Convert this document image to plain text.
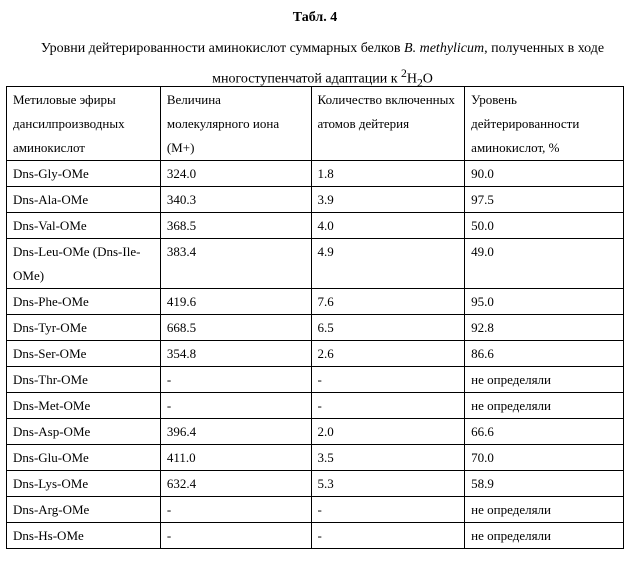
Табл. 4
Уровни дейтерированности аминокислот суммарных белков B. methylicum, полученных в ходе многоступенчатой адаптации к $^2H_2O$
Метиловые эфиры дансилпроизводных аминокислот	Величина молекулярного иона (М+)	Количество включенных атомов дейтерия	Уровень дейтерированности аминокислот, %
Dns-Gly-OMe	324.0	1.8	90.0
Dns-Ala-OMe	340.3	3.9	97.5
Dns-Val-OMe	368.5	4.0	50.0
Dns-Leu-OMe (Dns-Ile-OMe)	383.4	4.9	49.0
Dns-Phe-OMe	419.6	7.6	95.0
Dns-Tyr-OMe	668.5	6.5	92.8
Dns-Ser-OMe	354.8	2.6	86.6
Dns-Thr-OMe	-	-	не определяли
Dns-Met-OMe	-	-	не определяли
Dns-Asp-OMe	396.4	2.0	66.6
Dns-Glu-OMe	411.0	3.5	70.0
Dns-Lys-OMe	632.4	5.3	58.9
Dns-Arg-OMe	-	-	не определяли
Dns-Hs-OMe	-	-	не определяли
